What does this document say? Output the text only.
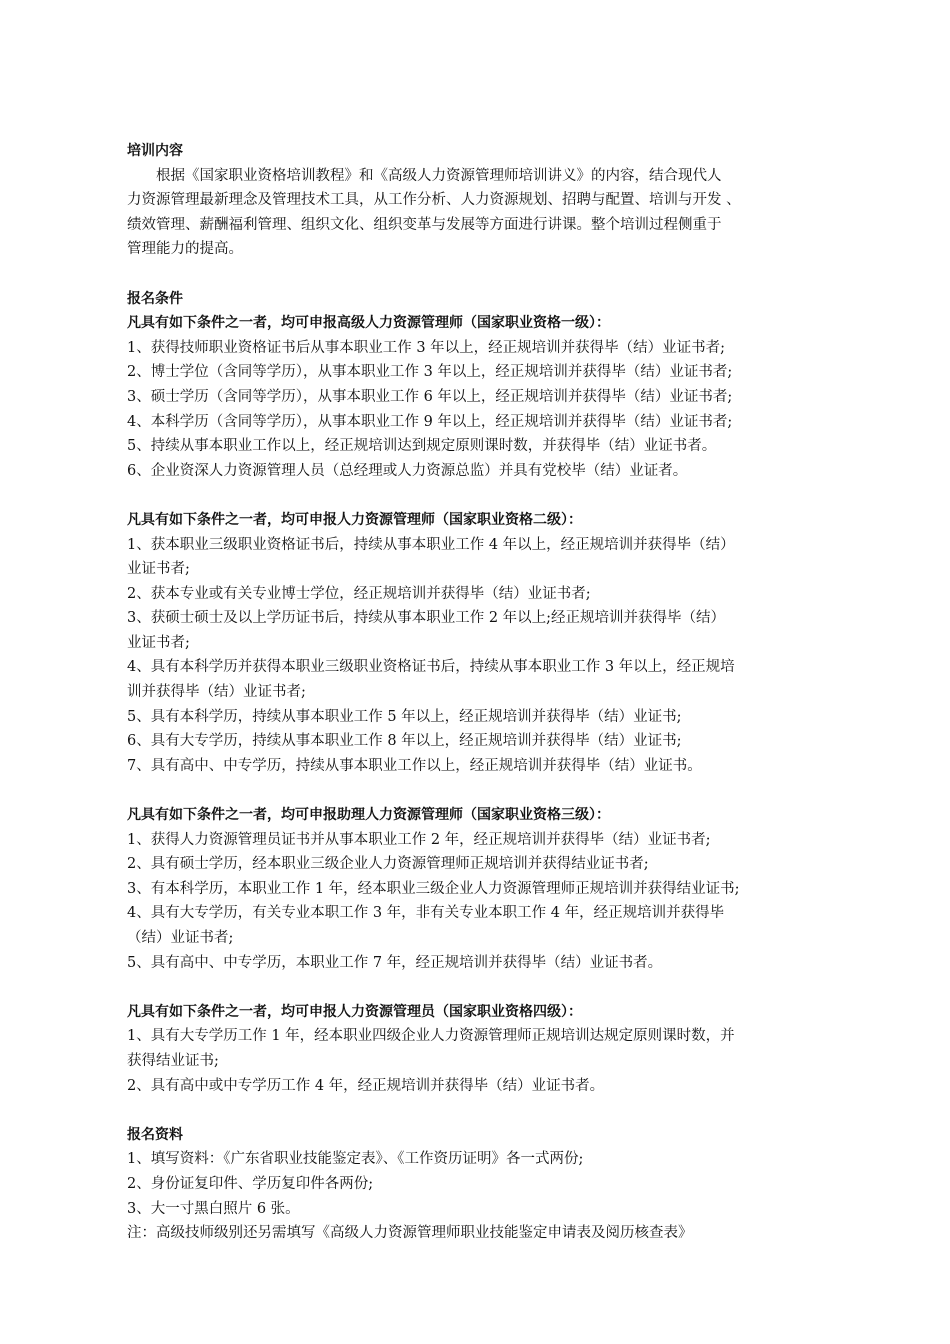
培训内容
根据《国家职业资格培训教程》和《高级人力资源管理师培训讲义》的内容，结合现代人
力资源管理最新理念及管理技术工具，从工作分析、人力资源规划、招聘与配置、培训与开发 、
绩效管理、薪酬福利管理、组织文化、组织变革与发展等方面进行讲课。整个培训过程侧重于
管理能力的提高。
报名条件
凡具有如下条件之一者，均可申报高级人力资源管理师（国家职业资格一级）：
1、获得技师职业资格证书后从事本职业工作 3 年以上，经正规培训并获得毕（结）业证书者;
2、博士学位（含同等学历），从事本职业工作 3 年以上，经正规培训并获得毕（结）业证书者;
3、硕士学历（含同等学历），从事本职业工作 6 年以上，经正规培训并获得毕（结）业证书者;
4、本科学历（含同等学历），从事本职业工作 9 年以上，经正规培训并获得毕（结）业证书者;
5、持续从事本职业工作以上，经正规培训达到规定原则课时数，并获得毕（结）业证书者。
6、企业资深人力资源管理人员（总经理或人力资源总监）并具有党校毕（结）业证者。
凡具有如下条件之一者，均可申报人力资源管理师（国家职业资格二级）：
1、获本职业三级职业资格证书后，持续从事本职业工作 4 年以上，经正规培训并获得毕（结）
业证书者;
2、获本专业或有关专业博士学位，经正规培训并获得毕（结）业证书者;
3、获硕士硕士及以上学历证书后，持续从事本职业工作 2 年以上;经正规培训并获得毕（结）
业证书者;
4、具有本科学历并获得本职业三级职业资格证书后，持续从事本职业工作 3 年以上，经正规培
训并获得毕（结）业证书者;
5、具有本科学历，持续从事本职业工作 5 年以上，经正规培训并获得毕（结）业证书;
6、具有大专学历，持续从事本职业工作 8 年以上，经正规培训并获得毕（结）业证书;
7、具有高中、中专学历，持续从事本职业工作以上，经正规培训并获得毕（结）业证书。
凡具有如下条件之一者，均可申报助理人力资源管理师（国家职业资格三级）：
1、获得人力资源管理员证书并从事本职业工作 2 年，经正规培训并获得毕（结）业证书者;
2、具有硕士学历，经本职业三级企业人力资源管理师正规培训并获得结业证书者;
3、有本科学历，本职业工作 1 年，经本职业三级企业人力资源管理师正规培训并获得结业证书;
4、具有大专学历，有关专业本职工作 3 年，非有关专业本职工作 4 年，经正规培训并获得毕
（结）业证书者;
5、具有高中、中专学历，本职业工作 7 年，经正规培训并获得毕（结）业证书者。
凡具有如下条件之一者，均可申报人力资源管理员（国家职业资格四级）：
1、具有大专学历工作 1 年，经本职业四级企业人力资源管理师正规培训达规定原则课时数，并
获得结业证书;
2、具有高中或中专学历工作 4 年，经正规培训并获得毕（结）业证书者。
报名资料
1、填写资料：《广东省职业技能鉴定表》、《工作资历证明》各一式两份;
2、身份证复印件、学历复印件各两份;
3、大一寸黑白照片 6 张。
注：高级技师级别还另需填写《高级人力资源管理师职业技能鉴定申请表及阅历核查表》
